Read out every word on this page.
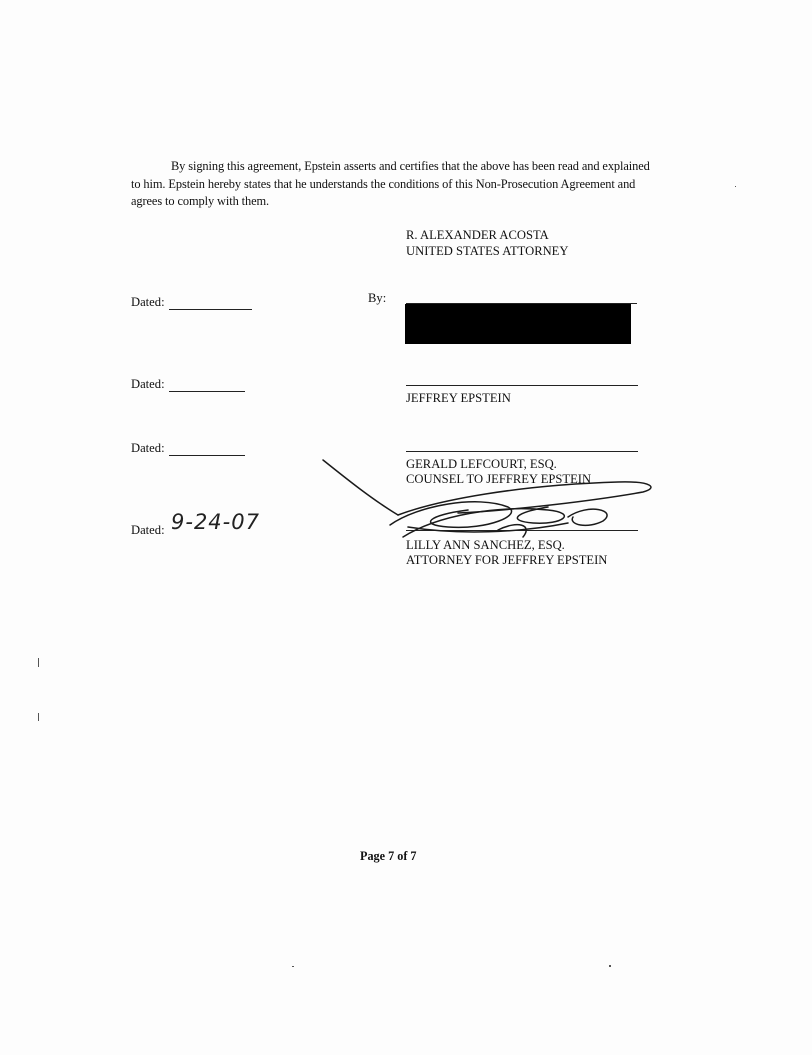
By signing this agreement, Epstein asserts and certifies that the above has been read and explained to him. Epstein hereby states that he understands the conditions of this Non-Prosecution Agreement and agrees to comply with them.

R. ALEXANDER ACOSTA
UNITED STATES ATTORNEY
Dated:	By:
Dated:
JEFFREY EPSTEIN
Dated:
GERALD LEFCOURT, ESQ.
COUNSEL TO JEFFREY EPSTEIN
Dated: 9-24-07
LILLY ANN SANCHEZ, ESQ.
ATTORNEY FOR JEFFREY EPSTEIN
Page 7 of 7
